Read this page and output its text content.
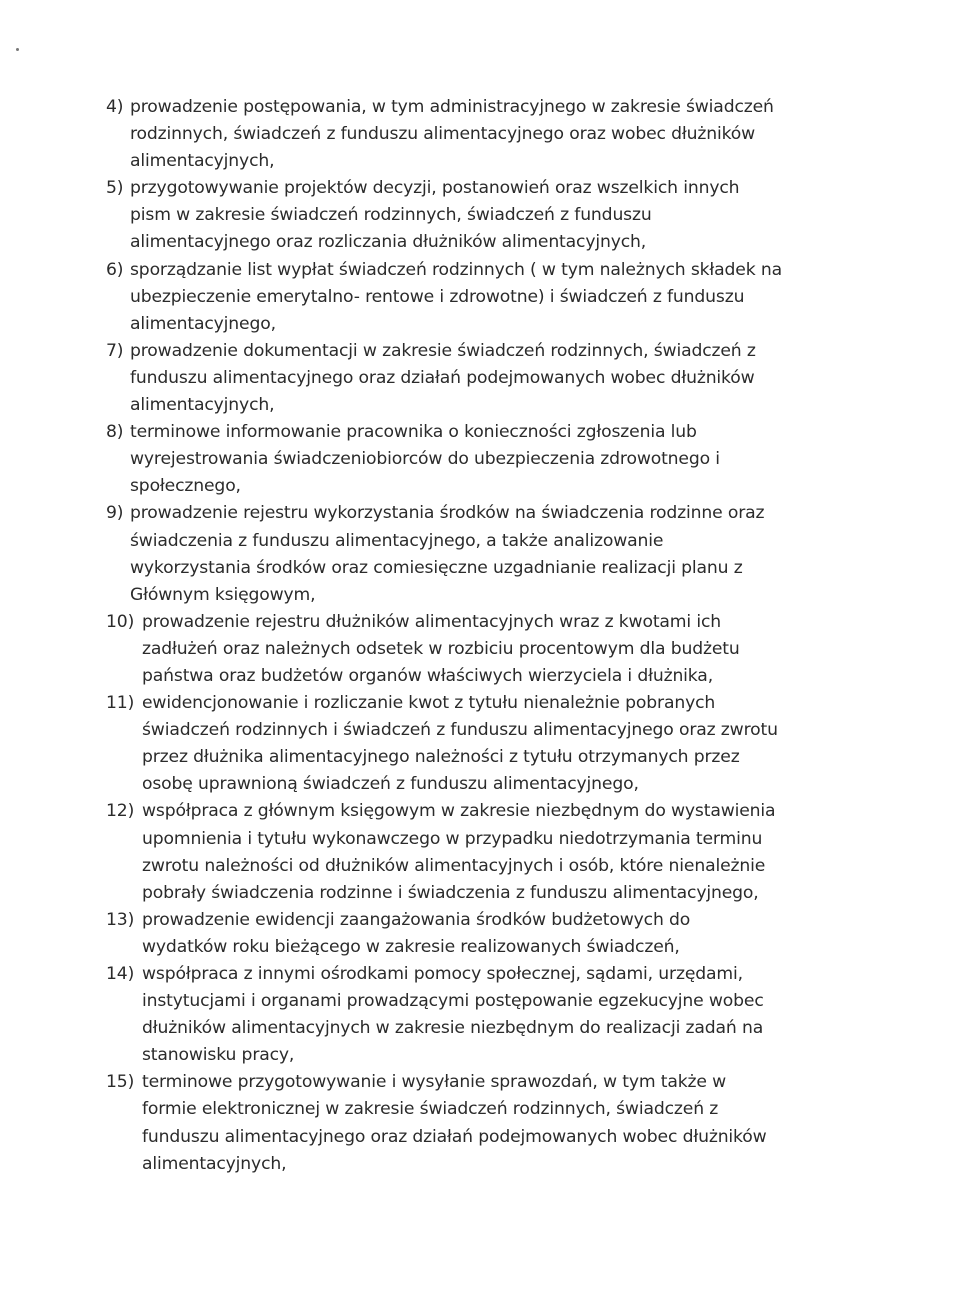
4) prowadzenie postępowania, w tym administracyjnego w zakresie świadczeń
rodzinnych, świadczeń z funduszu alimentacyjnego oraz wobec dłużników
alimentacyjnych,
5) przygotowywanie projektów decyzji, postanowień oraz wszelkich innych
pism w zakresie świadczeń rodzinnych, świadczeń z funduszu
alimentacyjnego oraz rozliczania dłużników alimentacyjnych,
6) sporządzanie list wypłat świadczeń rodzinnych ( w tym należnych składek na
ubezpieczenie emerytalno- rentowe i zdrowotne) i świadczeń z funduszu
alimentacyjnego,
7) prowadzenie dokumentacji w zakresie świadczeń rodzinnych, świadczeń z
funduszu alimentacyjnego oraz działań podejmowanych wobec dłużników
alimentacyjnych,
8) terminowe informowanie pracownika o konieczności zgłoszenia lub
wyrejestrowania świadczeniobiorców do ubezpieczenia zdrowotnego i
społecznego,
9) prowadzenie rejestru wykorzystania środków na świadczenia rodzinne oraz
świadczenia z funduszu alimentacyjnego, a także analizowanie
wykorzystania środków oraz comiesięczne uzgadnianie realizacji planu z
Głównym księgowym,
10) prowadzenie rejestru dłużników alimentacyjnych wraz z kwotami ich
zadłużeń oraz należnych odsetek w rozbiciu procentowym dla budżetu
państwa oraz budżetów organów właściwych wierzyciela i dłużnika,
11) ewidencjonowanie i rozliczanie kwot z tytułu nienależnie pobranych
świadczeń rodzinnych i świadczeń z funduszu alimentacyjnego oraz zwrotu
przez dłużnika alimentacyjnego należności z tytułu otrzymanych przez
osobę uprawnioną świadczeń z funduszu alimentacyjnego,
12) współpraca z głównym księgowym w zakresie niezbędnym do wystawienia
upomnienia i tytułu wykonawczego w przypadku niedotrzymania terminu
zwrotu należności od dłużników alimentacyjnych i osób, które nienależnie
pobrały świadczenia rodzinne i świadczenia z funduszu alimentacyjnego,
13) prowadzenie ewidencji zaangażowania środków budżetowych do
wydatków roku bieżącego w zakresie realizowanych świadczeń,
14) współpraca z innymi ośrodkami pomocy społecznej, sądami, urzędami,
instytucjami i organami prowadzącymi postępowanie egzekucyjne wobec
dłużników alimentacyjnych w zakresie niezbędnym do realizacji zadań na
stanowisku pracy,
15) terminowe przygotowywanie i wysyłanie sprawozdań, w tym także w
formie elektronicznej w zakresie świadczeń rodzinnych, świadczeń z
funduszu alimentacyjnego oraz działań podejmowanych wobec dłużników
alimentacyjnych,
